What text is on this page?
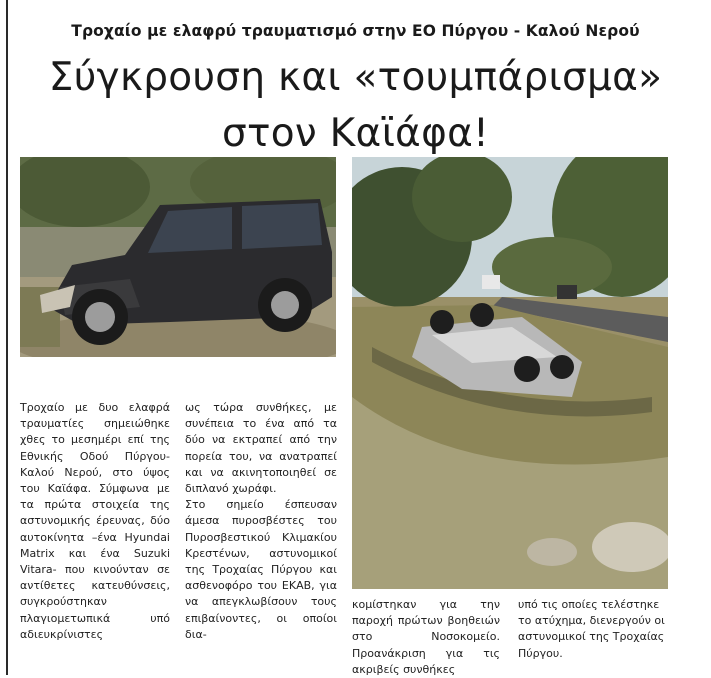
Τροχαίο με ελαφρύ τραυματισμό στην ΕΟ Πύργου - Καλού Νερού
Σύγκρουση και «τουμπάρισμα»
στον Καϊάφα!

Τροχαίο με δυο ελαφρά τραυματίες σημειώθηκε χθες το μεσημέρι επί της Εθνικής Οδού Πύργου-Καλού Νερού, στο ύψος του Καϊάφα. Σύμφωνα με τα πρώτα στοιχεία της αστυνομικής έρευνας, δύο αυτοκίνητα –ένα Hyundai Matrix και ένα Suzuki Vitara- που κινούνταν σε αντίθετες κατευθύνσεις, συγκρούστηκαν πλαγιομετωπικά υπό αδιευκρίνιστες

ως τώρα συνθήκες, με συνέπεια το ένα από τα δύο να εκτραπεί από την πορεία του, να ανατραπεί και να ακινητοποιηθεί σε διπλανό χωράφι.

Στο σημείο έσπευσαν άμεσα πυροσβέστες του Πυροσβεστικού Κλιμακίου Κρεστένων, αστυνομικοί της Τροχαίας Πύργου και ασθενοφόρο του ΕΚΑΒ, για να απεγκλωβίσουν τους επιβαίνοντες, οι οποίοι δια-

κομίστηκαν για την παροχή πρώτων βοηθειών στο Νοσοκομείο. Προανάκριση για τις ακριβείς συνθήκες

υπό τις οποίες τελέστηκε το ατύχημα, διενεργούν οι αστυνομικοί της Τροχαίας Πύργου.
